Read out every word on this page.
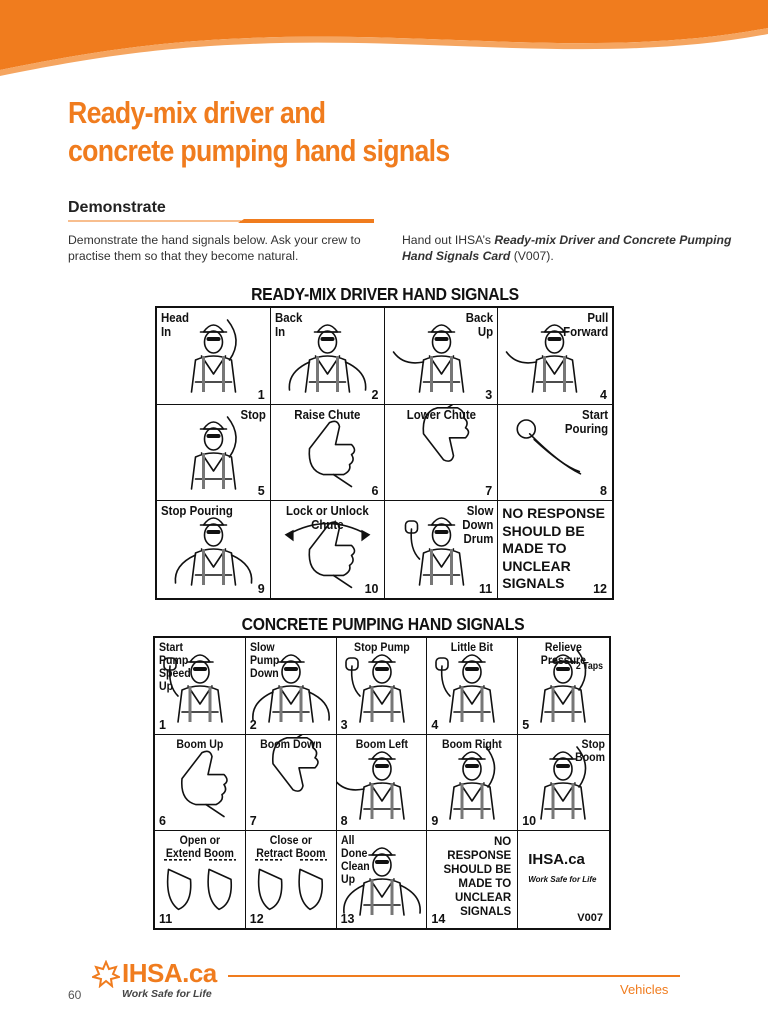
Ready-mix driver and
concrete pumping hand signals
Demonstrate
Demonstrate the hand signals below. Ask your crew to practise them so that they become natural.
Hand out IHSA’s Ready-mix Driver and Concrete Pumping Hand Signals Card (V007).
READY-MIX DRIVER HAND SIGNALS
Head
In
1
Back
In
2
Back
Up
3
Pull
Forward
4
Stop
5
Raise Chute
6
Lower Chute
7
Start
Pouring
8
Stop Pouring
9
Lock or Unlock
Chute
10
Slow
Down
Drum
11
NO RESPONSE
SHOULD BE
MADE TO
UNCLEAR
SIGNALS	12
CONCRETE PUMPING HAND SIGNALS
Start
Pump
Speed
Up
1
Slow
Pump
Down
2
Stop Pump
3
Little Bit
4
Relieve Pressure
2 Taps
5
Boom Up
6
Boom Down
7
Boom Left
8
Boom Right
9
Stop
Boom
10
Open or
Extend Boom
11
Close or
Retract Boom
12
All
Done
Clean
Up
13
NO
RESPONSE
SHOULD BE
MADE TO
UNCLEAR
SIGNALS
14
IHSA.ca
Work Safe for Life
V007
60
IHSA.ca
Work Safe for Life	Vehicles
